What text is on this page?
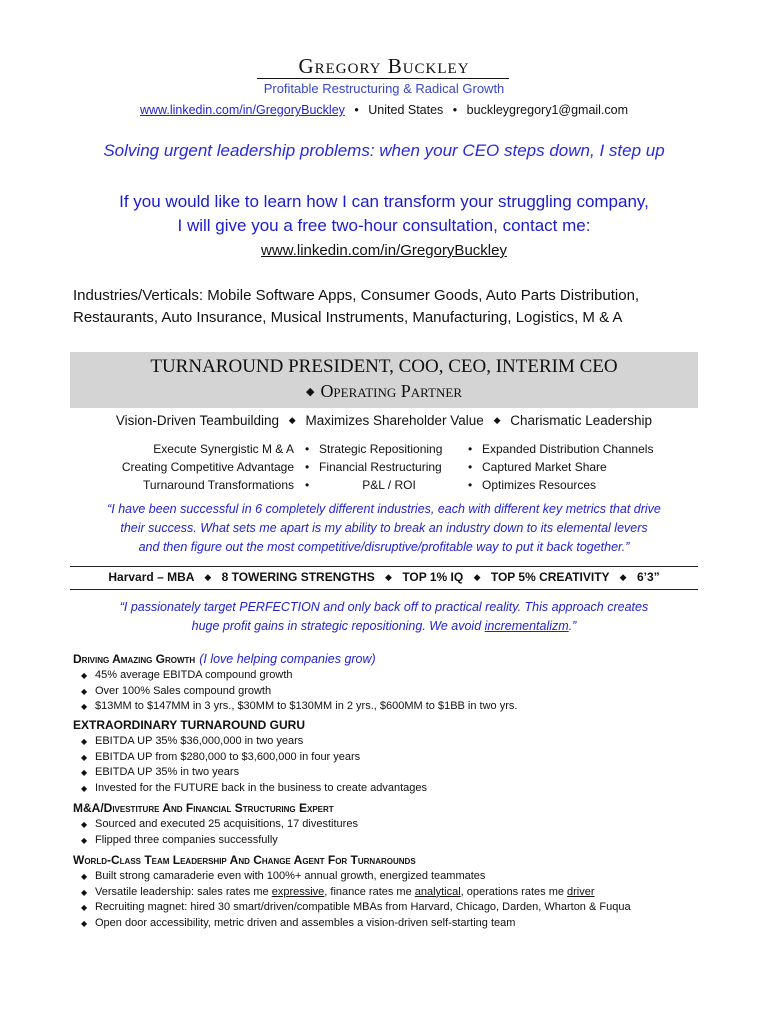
Gregory Buckley
Profitable Restructuring & Radical Growth
www.linkedin.com/in/GregoryBuckley • United States • buckleygregory1@gmail.com
Solving urgent leadership problems: when your CEO steps down, I step up
If you would like to learn how I can transform your struggling company,
I will give you a free two-hour consultation, contact me:
www.linkedin.com/in/GregoryBuckley
Industries/Verticals: Mobile Software Apps, Consumer Goods, Auto Parts Distribution,
Restaurants, Auto Insurance, Musical Instruments, Manufacturing, Logistics, M & A
TURNAROUND PRESIDENT, COO, CEO, INTERIM CEO
◆ Operating Partner
Vision-Driven Teambuilding ◆ Maximizes Shareholder Value ◆ Charismatic Leadership
Execute Synergistic M & A
Creating Competitive Advantage
Turnaround Transformations
• Strategic Repositioning
• Financial Restructuring
•	P&L / ROI
• Expanded Distribution Channels
• Captured Market Share
• Optimizes Resources
“I have been successful in 6 completely different industries, each with different key metrics that drive
their success. What sets me apart is my ability to break an industry down to its elemental levers
and then figure out the most competitive/disruptive/profitable way to put it back together.”
Harvard – MBA ◆ 8 TOWERING STRENGTHS ◆ TOP 1% IQ ◆ TOP 5% CREATIVITY ◆ 6’3”
“I passionately target PERFECTION and only back off to practical reality. This approach creates
huge profit gains in strategic repositioning. We avoid incrementalizm.”
Driving Amazing Growth (I love helping companies grow)
◆ 45% average EBITDA compound growth
◆ Over 100% Sales compound growth
◆ $13MM to $147MM in 3 yrs., $30MM to $130MM in 2 yrs., $600MM to $1BB in two yrs.
EXTRAORDINARY TURNAROUND GURU
◆ EBITDA UP 35% $36,000,000 in two years
◆ EBITDA UP from $280,000 to $3,600,000 in four years
◆ EBITDA UP 35% in two years
◆ Invested for the FUTURE back in the business to create advantages
M&A/Divestiture And Financial Structuring Expert
◆ Sourced and executed 25 acquisitions, 17 divestitures
◆ Flipped three companies successfully
World-Class Team Leadership And Change Agent For Turnarounds
◆ Built strong camaraderie even with 100%+ annual growth, energized teammates
◆ Versatile leadership: sales rates me expressive, finance rates me analytical, operations rates me driver
◆ Recruiting magnet: hired 30 smart/driven/compatible MBAs from Harvard, Chicago, Darden, Wharton & Fuqua
◆ Open door accessibility, metric driven and assembles a vision-driven self-starting team
